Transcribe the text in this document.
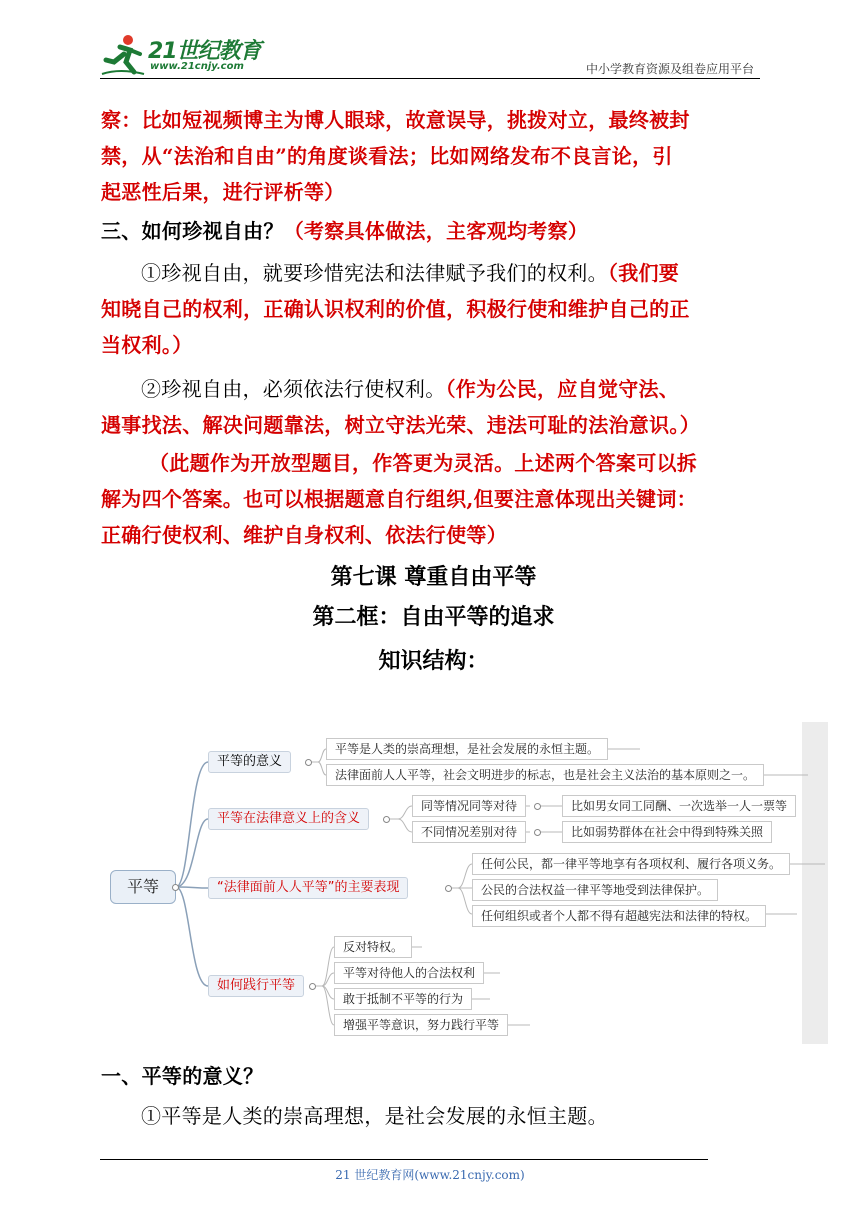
21世纪教育
www.21cnjy.com	中小学教育资源及组卷应用平台

察：比如短视频博主为博人眼球，故意误导，挑拨对立，最终被封

禁，从“法治和自由”的角度谈看法；比如网络发布不良言论，引

起恶性后果，进行评析等）

三、如何珍视自由？（考察具体做法，主客观均考察）

①珍视自由，就要珍惜宪法和法律赋予我们的权利。（我们要

知晓自己的权利，正确认识权利的价值，积极行使和维护自己的正

当权利。）

②珍视自由，必须依法行使权利。（作为公民，应自觉守法、

遇事找法、解决问题靠法，树立守法光荣、违法可耻的法治意识。）

（此题作为开放型题目，作答更为灵活。上述两个答案可以拆

解为四个答案。也可以根据题意自行组织,但要注意体现出关键词：

正确行使权利、维护自身权利、依法行使等）

第七课 尊重自由平等
第二框：自由平等的追求
知识结构：
平等
平等的意义
平等是人类的崇高理想，是社会发展的永恒主题。
法律面前人人平等，社会文明进步的标志，也是社会主义法治的基本原则之一。
平等在法律意义上的含义
同等情况同等对待	比如男女同工同酬、一次选举一人一票等
不同情况差别对待	比如弱势群体在社会中得到特殊关照
“法律面前人人平等”的主要表现
任何公民，都一律平等地享有各项权利、履行各项义务。
公民的合法权益一律平等地受到法律保护。
任何组织或者个人都不得有超越宪法和法律的特权。
如何践行平等
反对特权。
平等对待他人的合法权利
敢于抵制不平等的行为
增强平等意识，努力践行平等

一、平等的意义？

①平等是人类的崇高理想，是社会发展的永恒主题。

21 世纪教育网(www.21cnjy.com)
